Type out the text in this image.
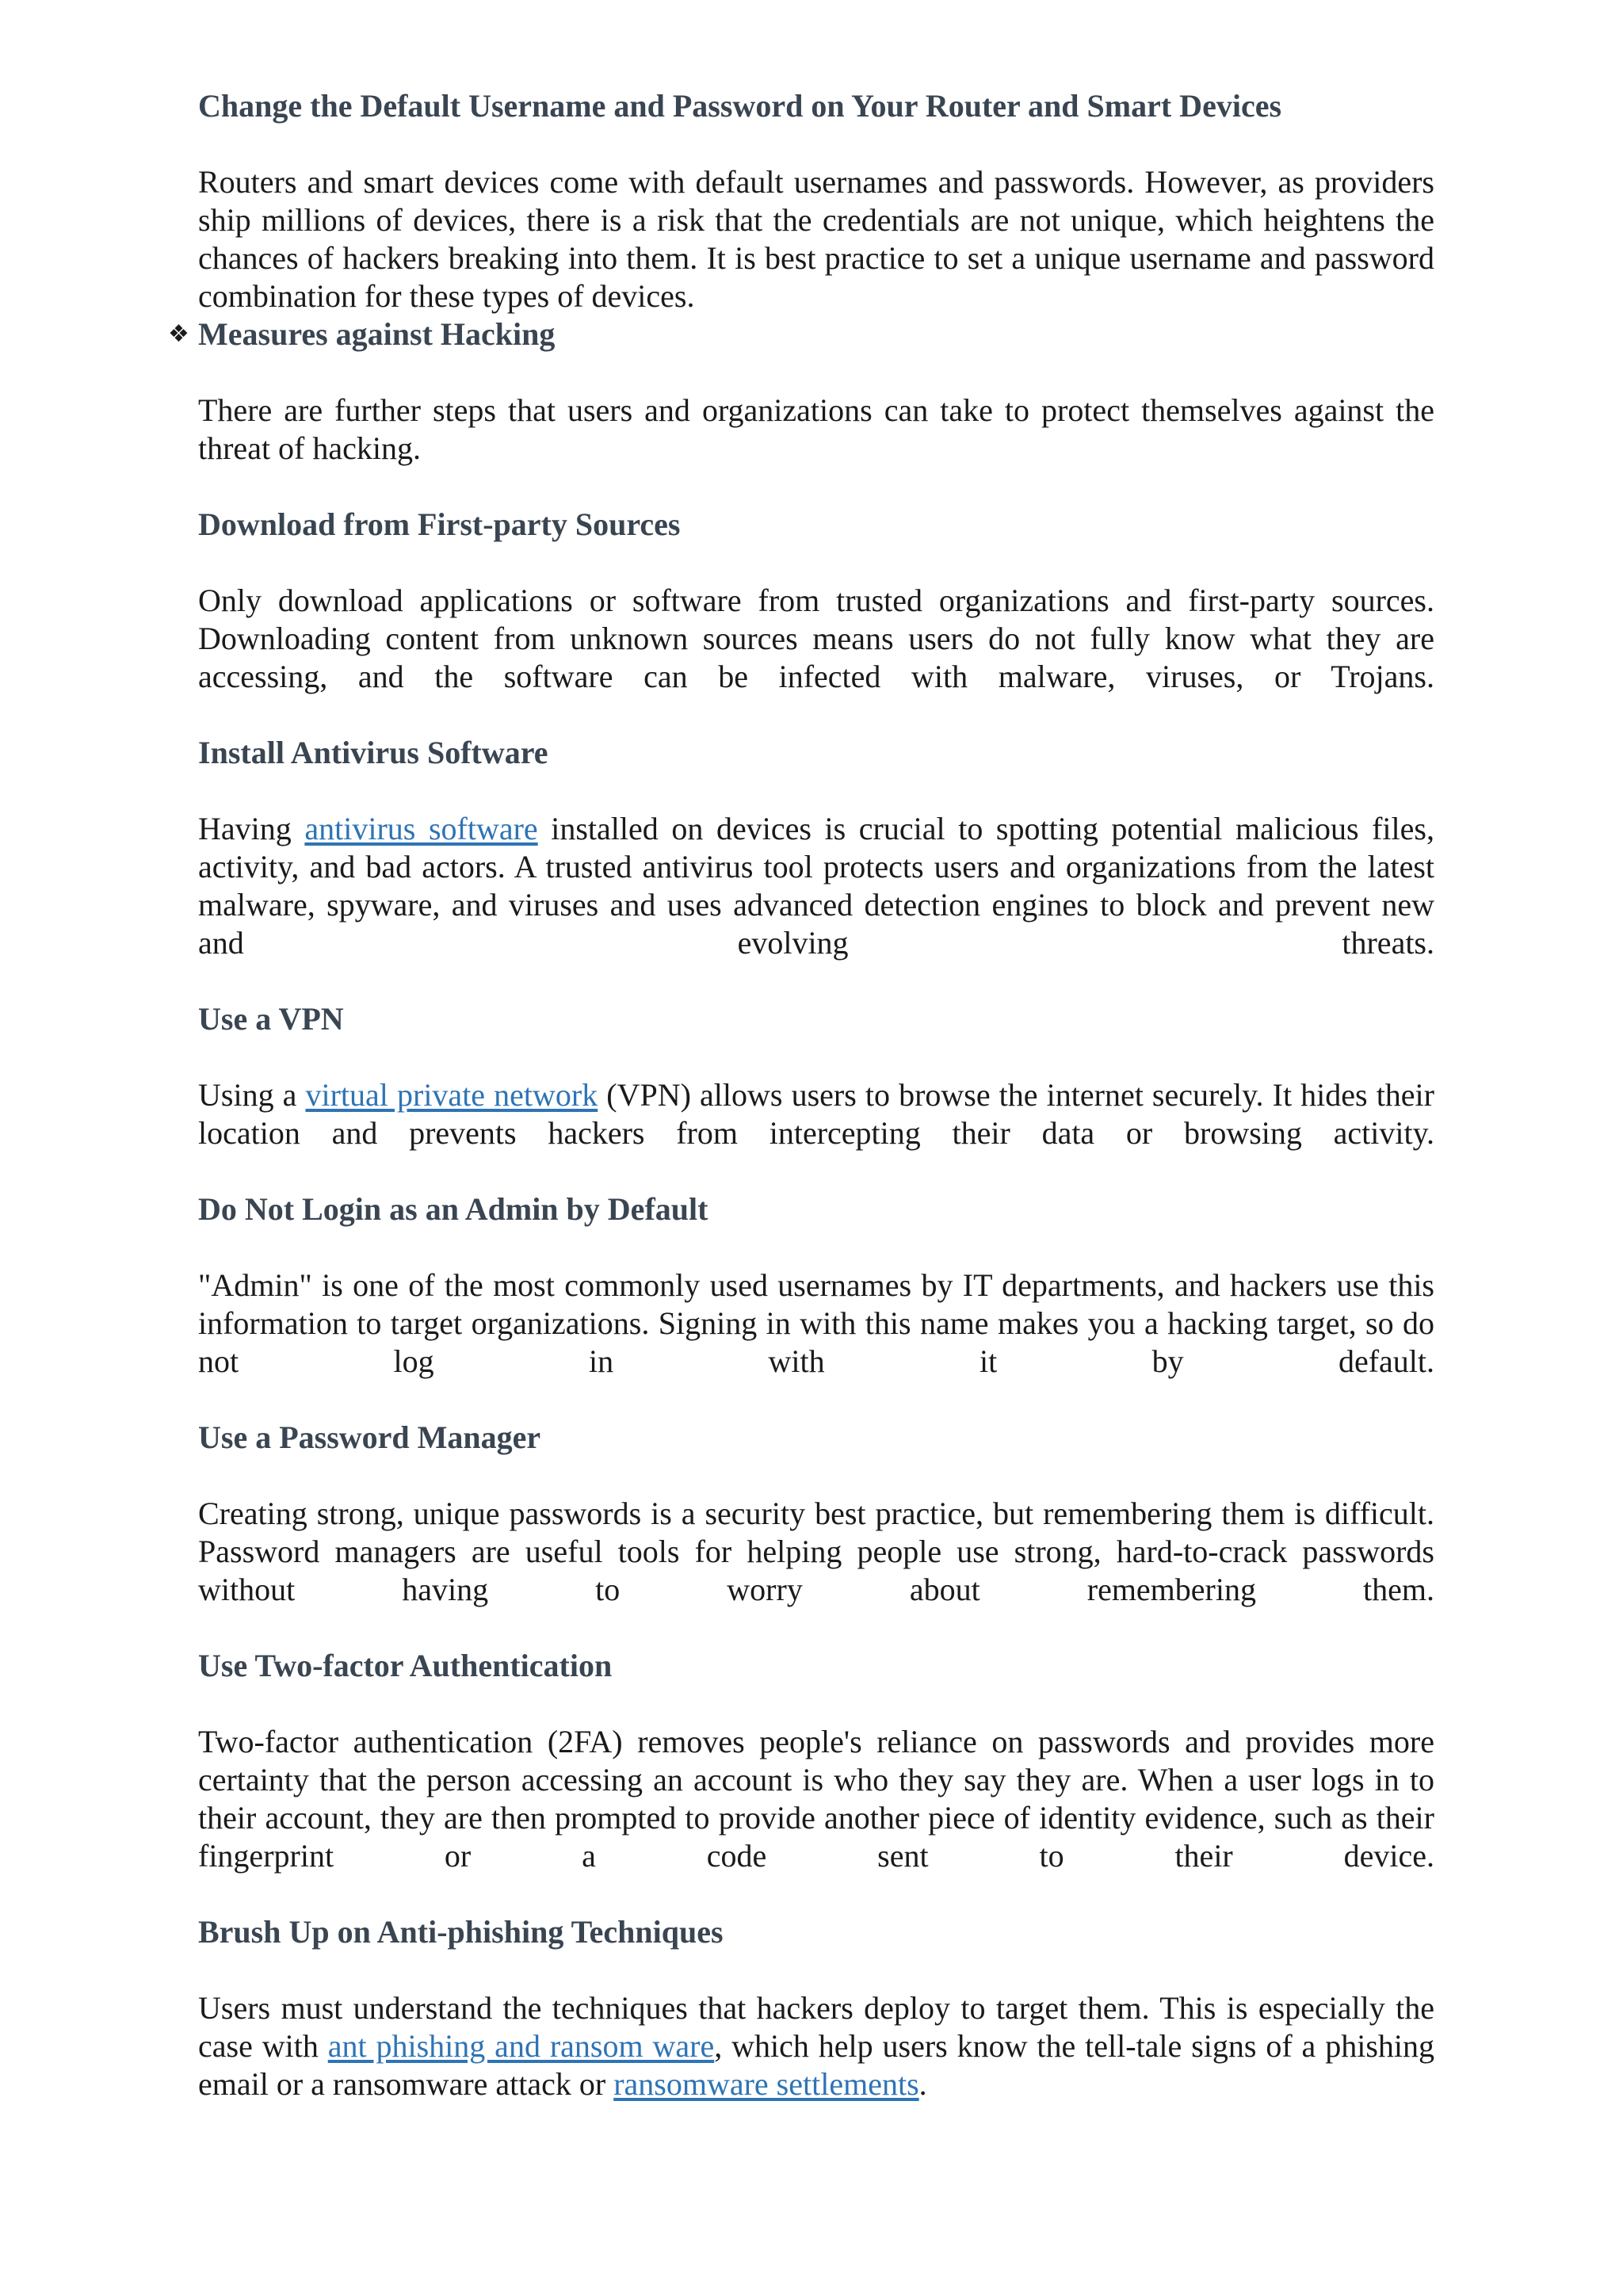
Change the Default Username and Password on Your Router and Smart Devices

Routers and smart devices come with default usernames and passwords. However, as providers ship millions of devices, there is a risk that the credentials are not unique, which heightens the chances of hackers breaking into them. It is best practice to set a unique username and password combination for these types of devices.

❖ Measures against Hacking

There are further steps that users and organizations can take to protect themselves against the threat of hacking.

Download from First-party Sources

Only download applications or software from trusted organizations and first-party sources. Downloading content from unknown sources means users do not fully know what they are accessing, and the software can be infected with malware, viruses, or Trojans.

Install Antivirus Software

Having antivirus software installed on devices is crucial to spotting potential malicious files, activity, and bad actors. A trusted antivirus tool protects users and organizations from the latest malware, spyware, and viruses and uses advanced detection engines to block and prevent new and evolving threats.

Use a VPN

Using a virtual private network (VPN) allows users to browse the internet securely. It hides their location and prevents hackers from intercepting their data or browsing activity.

Do Not Login as an Admin by Default

"Admin" is one of the most commonly used usernames by IT departments, and hackers use this information to target organizations. Signing in with this name makes you a hacking target, so do not log in with it by default.

Use a Password Manager

Creating strong, unique passwords is a security best practice, but remembering them is difficult. Password managers are useful tools for helping people use strong, hard-to-crack passwords without having to worry about remembering them.

Use Two-factor Authentication

Two-factor authentication (2FA) removes people's reliance on passwords and provides more certainty that the person accessing an account is who they say they are. When a user logs in to their account, they are then prompted to provide another piece of identity evidence, such as their fingerprint or a code sent to their device.

Brush Up on Anti-phishing Techniques

Users must understand the techniques that hackers deploy to target them. This is especially the case with ant phishing and ransom ware, which help users know the tell-tale signs of a phishing email or a ransomware attack or ransomware settlements.
